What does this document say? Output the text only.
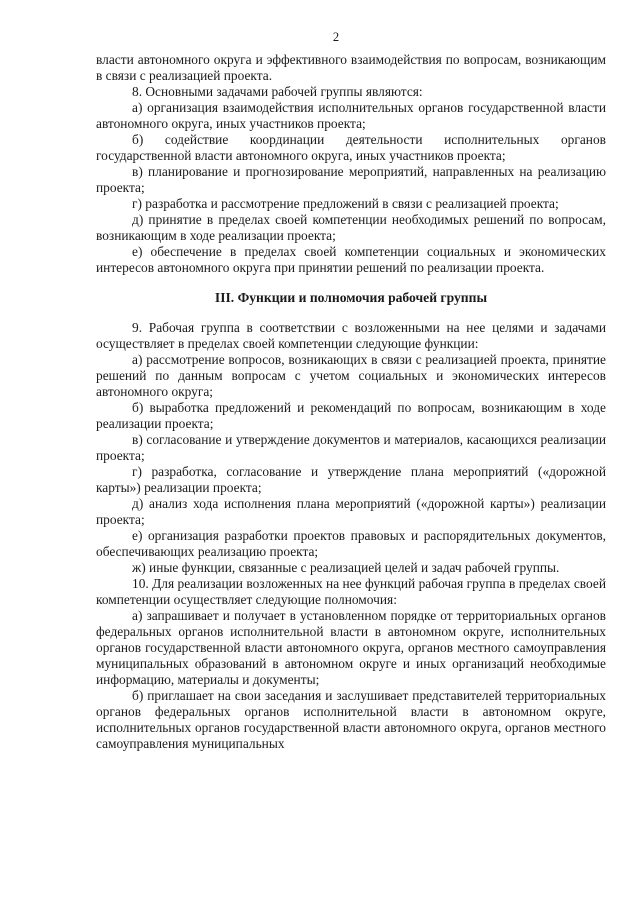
2

власти автономного округа и эффективного взаимодействия по вопросам, возникающим в связи с реализацией проекта.

8. Основными задачами рабочей группы являются:

а) организация взаимодействия исполнительных органов государственной власти автономного округа, иных участников проекта;

б) содействие координации деятельности исполнительных органов государственной власти автономного округа, иных участников проекта;

в) планирование и прогнозирование мероприятий, направленных на реализацию проекта;

г) разработка и рассмотрение предложений в связи с реализацией проекта;

д) принятие в пределах своей компетенции необходимых решений по вопросам, возникающим в ходе реализации проекта;

е) обеспечение в пределах своей компетенции социальных и экономических интересов автономного округа при принятии решений по реализации проекта.

III. Функции и полномочия рабочей группы

9. Рабочая группа в соответствии с возложенными на нее целями и задачами осуществляет в пределах своей компетенции следующие функции:

а) рассмотрение вопросов, возникающих в связи с реализацией проекта, принятие решений по данным вопросам с учетом социальных и экономических интересов автономного округа;

б) выработка предложений и рекомендаций по вопросам, возникающим в ходе реализации проекта;

в) согласование и утверждение документов и материалов, касающихся реализации проекта;

г) разработка, согласование и утверждение плана мероприятий («дорожной карты») реализации проекта;

д) анализ хода исполнения плана мероприятий («дорожной карты») реализации проекта;

е) организация разработки проектов правовых и распорядительных документов, обеспечивающих реализацию проекта;

ж) иные функции, связанные с реализацией целей и задач рабочей группы.

10. Для реализации возложенных на нее функций рабочая группа в пределах своей компетенции осуществляет следующие полномочия:

а) запрашивает и получает в установленном порядке от территориальных органов федеральных органов исполнительной власти в автономном округе, исполнительных органов государственной власти автономного округа, органов местного самоуправления муниципальных образований в автономном округе и иных организаций необходимые информацию, материалы и документы;

б) приглашает на свои заседания и заслушивает представителей территориальных органов федеральных органов исполнительной власти в автономном округе, исполнительных органов государственной власти автономного округа, органов местного самоуправления муниципальных
